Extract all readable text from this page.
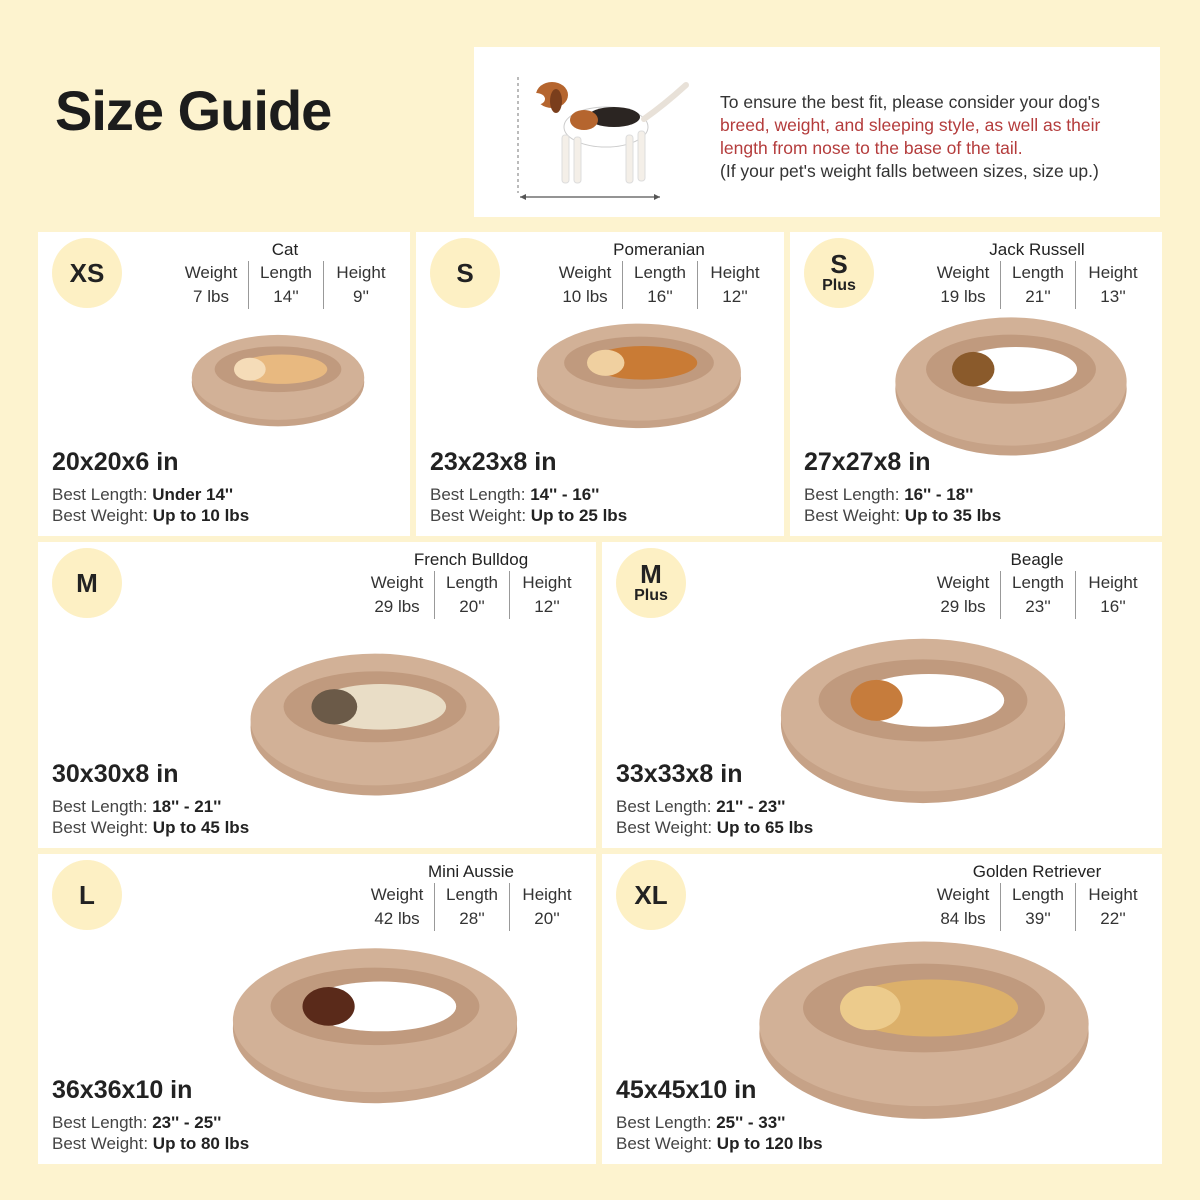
Size Guide	To ensure the best fit, please consider your dog's
breed, weight, and sleeping style, as well as their
length from nose to the base of the tail.
(If your pet's weight falls between sizes, size up.)
XS
Cat
Weight
7 lbs
Length
14''
Height
9''
20x20x6 in
Best Length: Under 14''
Best Weight: Up to 10 lbs
S
Pomeranian
Weight
10 lbs
Length
16''
Height
12''
23x23x8 in
Best Length: 14'' - 16''
Best Weight: Up to 25 lbs
S
Plus
Jack Russell
Weight
19 lbs
Length
21''
Height
13''
27x27x8 in
Best Length: 16'' - 18''
Best Weight: Up to 35 lbs
M
French Bulldog
Weight
29 lbs
Length
20''
Height
12''
30x30x8 in
Best Length: 18'' - 21''
Best Weight: Up to 45 lbs
M
Plus
Beagle
Weight
29 lbs
Length
23''
Height
16''
33x33x8 in
Best Length: 21'' - 23''
Best Weight: Up to 65 lbs
L
Mini Aussie
Weight
42 lbs
Length
28''
Height
20''
36x36x10 in
Best Length: 23'' - 25''
Best Weight: Up to 80 lbs
XL
Golden Retriever
Weight
84 lbs
Length
39''
Height
22''
45x45x10 in
Best Length: 25'' - 33''
Best Weight: Up to 120 lbs
